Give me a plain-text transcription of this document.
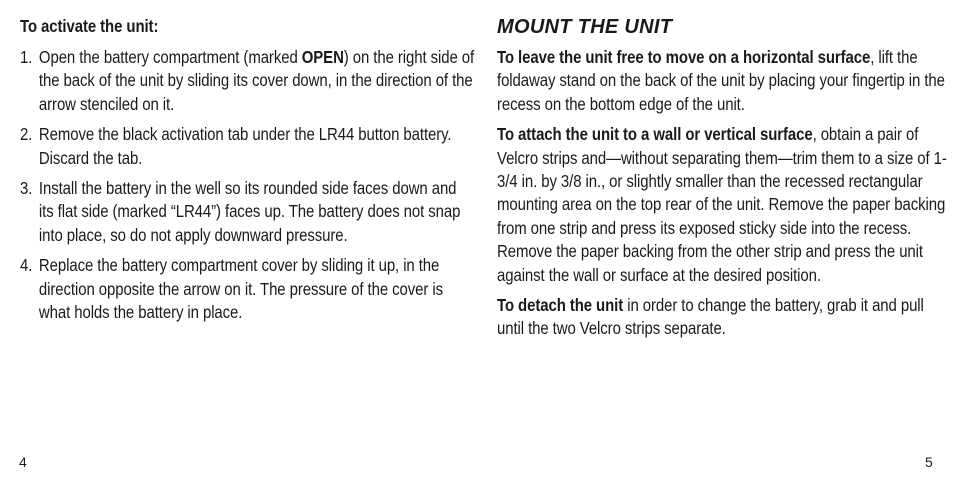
To activate the unit:
1. Open the battery compartment (marked OPEN) on the right side of the back of the unit by sliding its cover down, in the direction of the arrow stenciled on it.
2. Remove the black activation tab under the LR44 button battery. Discard the tab.
3. Install the battery in the well so its rounded side faces down and its flat side (marked “LR44”) faces up. The battery does not snap into place, so do not apply downward pressure.
4. Replace the battery compartment cover by sliding it up, in the direction opposite the arrow on it. The pressure of the cover is what holds the battery in place.
MOUNT THE UNIT

To leave the unit free to move on a horizontal surface, lift the foldaway stand on the back of the unit by placing your fingertip in the recess on the bottom edge of the unit.

To attach the unit to a wall or vertical surface, obtain a pair of Velcro strips and—without separating them—trim them to a size of 1-3/4 in. by 3/8 in., or slightly smaller than the recessed rectangular mounting area on the top rear of the unit. Remove the paper backing from one strip and press its exposed sticky side into the recess. Remove the paper backing from the other strip and press the unit against the wall or surface at the desired position.

To detach the unit in order to change the battery, grab it and pull until the two Velcro strips separate.

4	5
